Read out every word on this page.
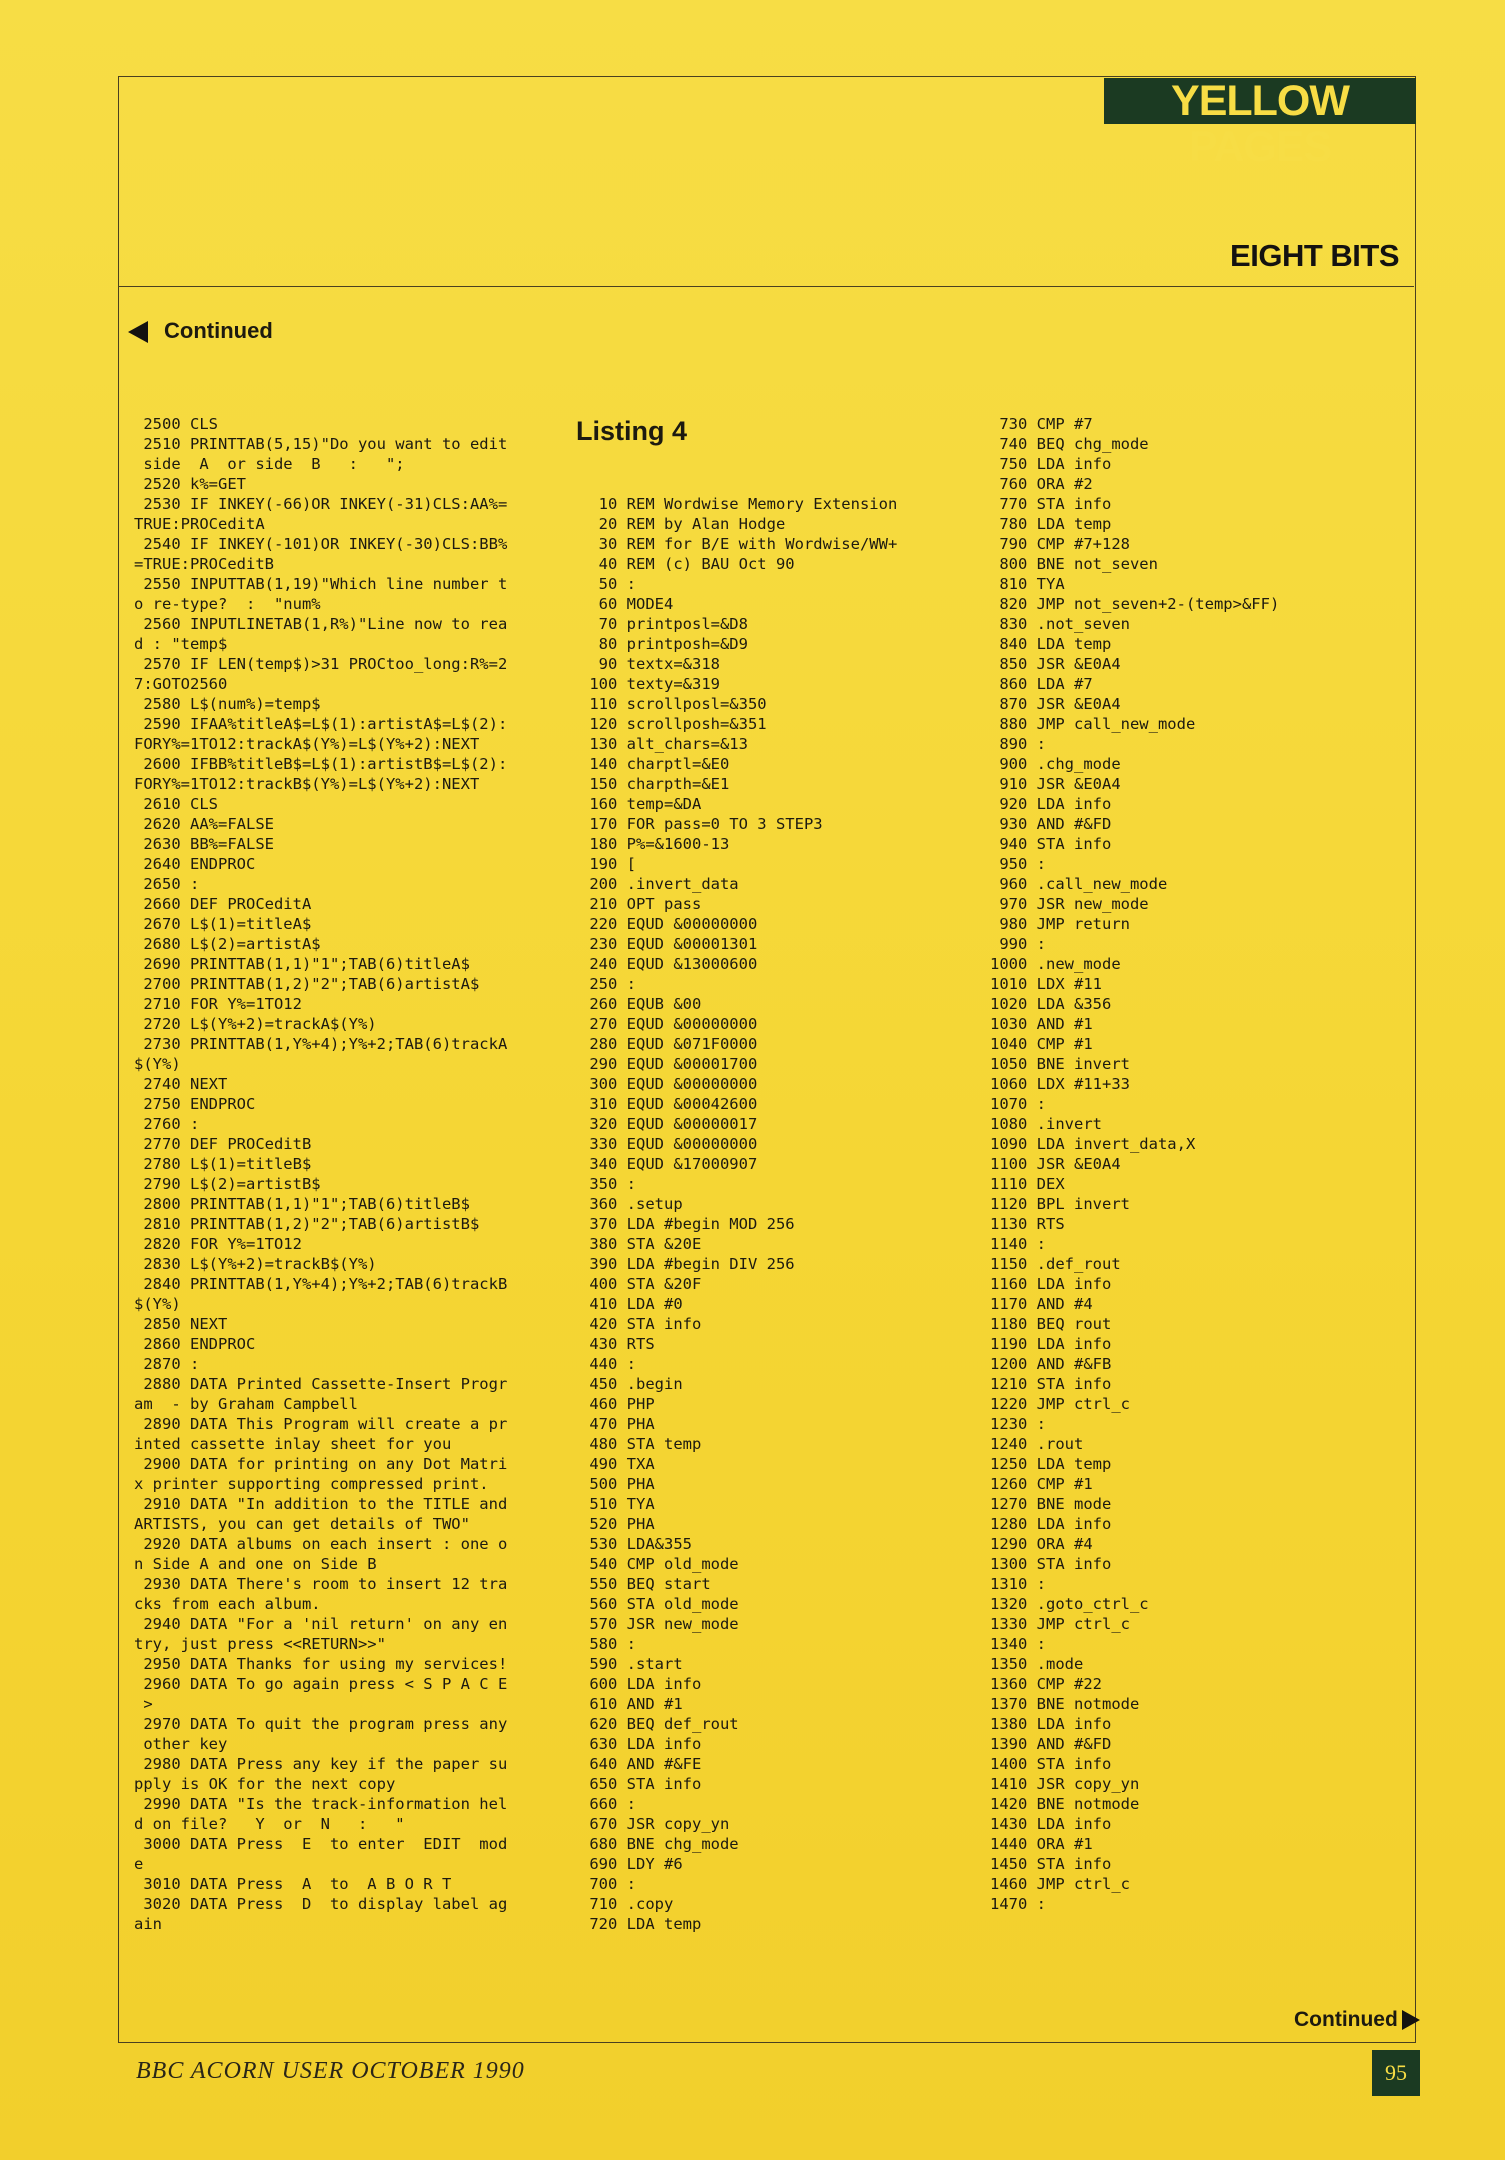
YELLOW PAGES
EIGHT BITS
Continued
Listing 4
2500 CLS
2510 PRINTTAB(5,15)"Do you want to edit
side  A  or side  B   :   ";
2520 k%=GET
2530 IF INKEY(-66)OR INKEY(-31)CLS:AA%=
TRUE:PROCeditA
2540 IF INKEY(-101)OR INKEY(-30)CLS:BB%
=TRUE:PROCeditB
2550 INPUTTAB(1,19)"Which line number t
o re-type?  :  "num%
2560 INPUTLINETAB(1,R%)"Line now to rea
d : "temp$
2570 IF LEN(temp$)>31 PROCtoo_long:R%=2
7:GOTO2560
2580 L$(num%)=temp$
2590 IFAA%titleA$=L$(1):artistA$=L$(2):
FORY%=1TO12:trackA$(Y%)=L$(Y%+2):NEXT
2600 IFBB%titleB$=L$(1):artistB$=L$(2):
FORY%=1TO12:trackB$(Y%)=L$(Y%+2):NEXT
2610 CLS
2620 AA%=FALSE
2630 BB%=FALSE
2640 ENDPROC
2650 :
2660 DEF PROCeditA
2670 L$(1)=titleA$
2680 L$(2)=artistA$
2690 PRINTTAB(1,1)"1";TAB(6)titleA$
2700 PRINTTAB(1,2)"2";TAB(6)artistA$
2710 FOR Y%=1TO12
2720 L$(Y%+2)=trackA$(Y%)
2730 PRINTTAB(1,Y%+4);Y%+2;TAB(6)trackA
$(Y%)
2740 NEXT
2750 ENDPROC
2760 :
2770 DEF PROCeditB
2780 L$(1)=titleB$
2790 L$(2)=artistB$
2800 PRINTTAB(1,1)"1";TAB(6)titleB$
2810 PRINTTAB(1,2)"2";TAB(6)artistB$
2820 FOR Y%=1TO12
2830 L$(Y%+2)=trackB$(Y%)
2840 PRINTTAB(1,Y%+4);Y%+2;TAB(6)trackB
$(Y%)
2850 NEXT
2860 ENDPROC
2870 :
2880 DATA Printed Cassette-Insert Progr
am  - by Graham Campbell
2890 DATA This Program will create a pr
inted cassette inlay sheet for you
2900 DATA for printing on any Dot Matri
x printer supporting compressed print.
2910 DATA "In addition to the TITLE and
ARTISTS, you can get details of TWO"
2920 DATA albums on each insert : one o
n Side A and one on Side B
2930 DATA There's room to insert 12 tra
cks from each album.
2940 DATA "For a 'nil return' on any en
try, just press <<RETURN>>"
2950 DATA Thanks for using my services!
2960 DATA To go again press < S P A C E
>
2970 DATA To quit the program press any
other key
2980 DATA Press any key if the paper su
pply is OK for the next copy
2990 DATA "Is the track-information hel
d on file?   Y  or  N   :   "
3000 DATA Press  E  to enter  EDIT  mod
e
3010 DATA Press  A  to  A B O R T
3020 DATA Press  D  to display label ag
ain
10 REM Wordwise Memory Extension
20 REM by Alan Hodge
30 REM for B/E with Wordwise/WW+
40 REM (c) BAU Oct 90
50 :
60 MODE4
70 printposl=&D8
80 printposh=&D9
90 textx=&318
100 texty=&319
110 scrollposl=&350
120 scrollposh=&351
130 alt_chars=&13
140 charptl=&E0
150 charpth=&E1
160 temp=&DA
170 FOR pass=0 TO 3 STEP3
180 P%=&1600-13
190 [
200 .invert_data
210 OPT pass
220 EQUD &00000000
230 EQUD &00001301
240 EQUD &13000600
250 :
260 EQUB &00
270 EQUD &00000000
280 EQUD &071F0000
290 EQUD &00001700
300 EQUD &00000000
310 EQUD &00042600
320 EQUD &00000017
330 EQUD &00000000
340 EQUD &17000907
350 :
360 .setup
370 LDA #begin MOD 256
380 STA &20E
390 LDA #begin DIV 256
400 STA &20F
410 LDA #0
420 STA info
430 RTS
440 :
450 .begin
460 PHP
470 PHA
480 STA temp
490 TXA
500 PHA
510 TYA
520 PHA
530 LDA&355
540 CMP old_mode
550 BEQ start
560 STA old_mode
570 JSR new_mode
580 :
590 .start
600 LDA info
610 AND #1
620 BEQ def_rout
630 LDA info
640 AND #&FE
650 STA info
660 :
670 JSR copy_yn
680 BNE chg_mode
690 LDY #6
700 :
710 .copy
720 LDA temp
730 CMP #7
740 BEQ chg_mode
750 LDA info
760 ORA #2
770 STA info
780 LDA temp
790 CMP #7+128
800 BNE not_seven
810 TYA
820 JMP not_seven+2-(temp>&FF)
830 .not_seven
840 LDA temp
850 JSR &E0A4
860 LDA #7
870 JSR &E0A4
880 JMP call_new_mode
890 :
900 .chg_mode
910 JSR &E0A4
920 LDA info
930 AND #&FD
940 STA info
950 :
960 .call_new_mode
970 JSR new_mode
980 JMP return
990 :
1000 .new_mode
1010 LDX #11
1020 LDA &356
1030 AND #1
1040 CMP #1
1050 BNE invert
1060 LDX #11+33
1070 :
1080 .invert
1090 LDA invert_data,X
1100 JSR &E0A4
1110 DEX
1120 BPL invert
1130 RTS
1140 :
1150 .def_rout
1160 LDA info
1170 AND #4
1180 BEQ rout
1190 LDA info
1200 AND #&FB
1210 STA info
1220 JMP ctrl_c
1230 :
1240 .rout
1250 LDA temp
1260 CMP #1
1270 BNE mode
1280 LDA info
1290 ORA #4
1300 STA info
1310 :
1320 .goto_ctrl_c
1330 JMP ctrl_c
1340 :
1350 .mode
1360 CMP #22
1370 BNE notmode
1380 LDA info
1390 AND #&FD
1400 STA info
1410 JSR copy_yn
1420 BNE notmode
1430 LDA info
1440 ORA #1
1450 STA info
1460 JMP ctrl_c
1470 :
Continued
BBC ACORN USER OCTOBER 1990	95
